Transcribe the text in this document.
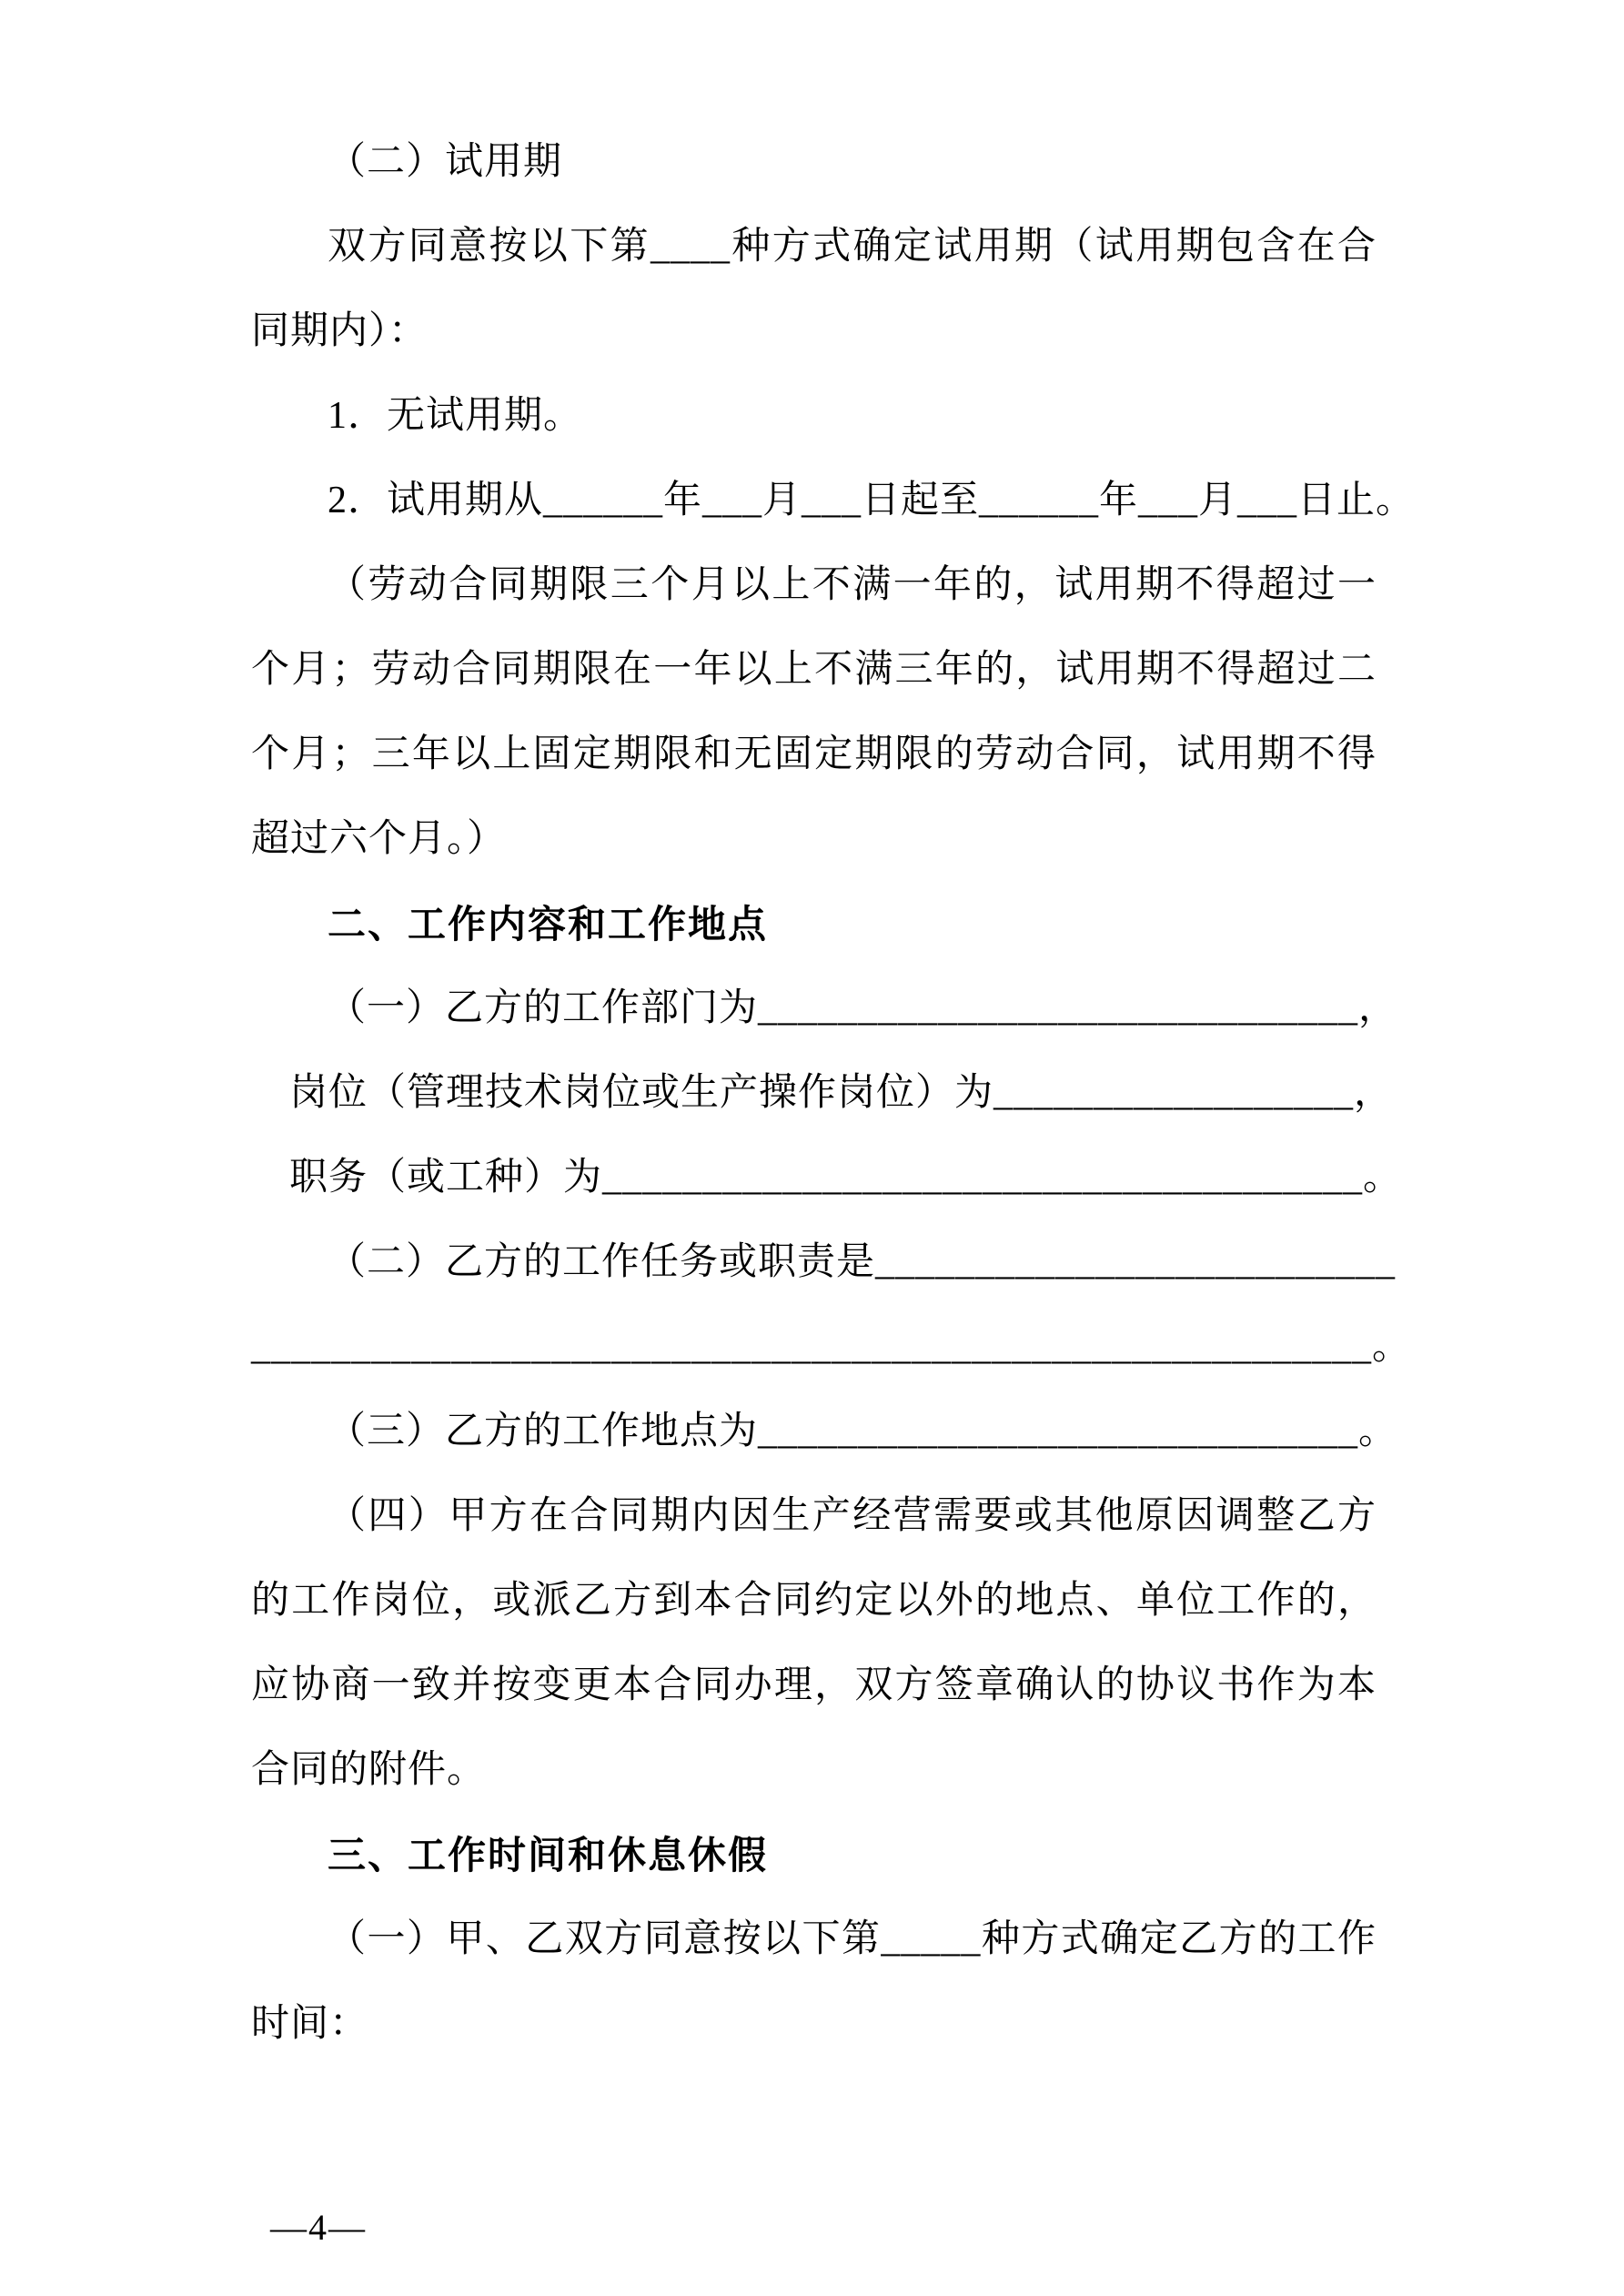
（二）试用期

双方同意按以下第____种方式确定试用期（试用期包含在合同期内）：

1．无试用期。

2．试用期从______年___月___日起至______年___月___日止。

（劳动合同期限三个月以上不满一年的，试用期不得超过一个月；劳动合同期限在一年以上不满三年的，试用期不得超过二个月；三年以上固定期限和无固定期限的劳动合同，试用期不得超过六个月。）

二、工作内容和工作地点

（一）乙方的工作部门为______________________________，

岗位（管理技术岗位或生产操作岗位）为__________________，

职务（或工种）为______________________________________。

（二）乙方的工作任务或职责是__________________________

________________________________________________________。

（三）乙方的工作地点为______________________________。

（四）甲方在合同期内因生产经营需要或其他原因调整乙方的工作岗位，或派乙方到本合同约定以外的地点、单位工作的，应协商一致并按变更本合同办理，双方签章确认的协议书作为本合同的附件。

三、工作时间和休息休假

（一）甲、乙双方同意按以下第_____种方式确定乙方的工作时间：

—4—
